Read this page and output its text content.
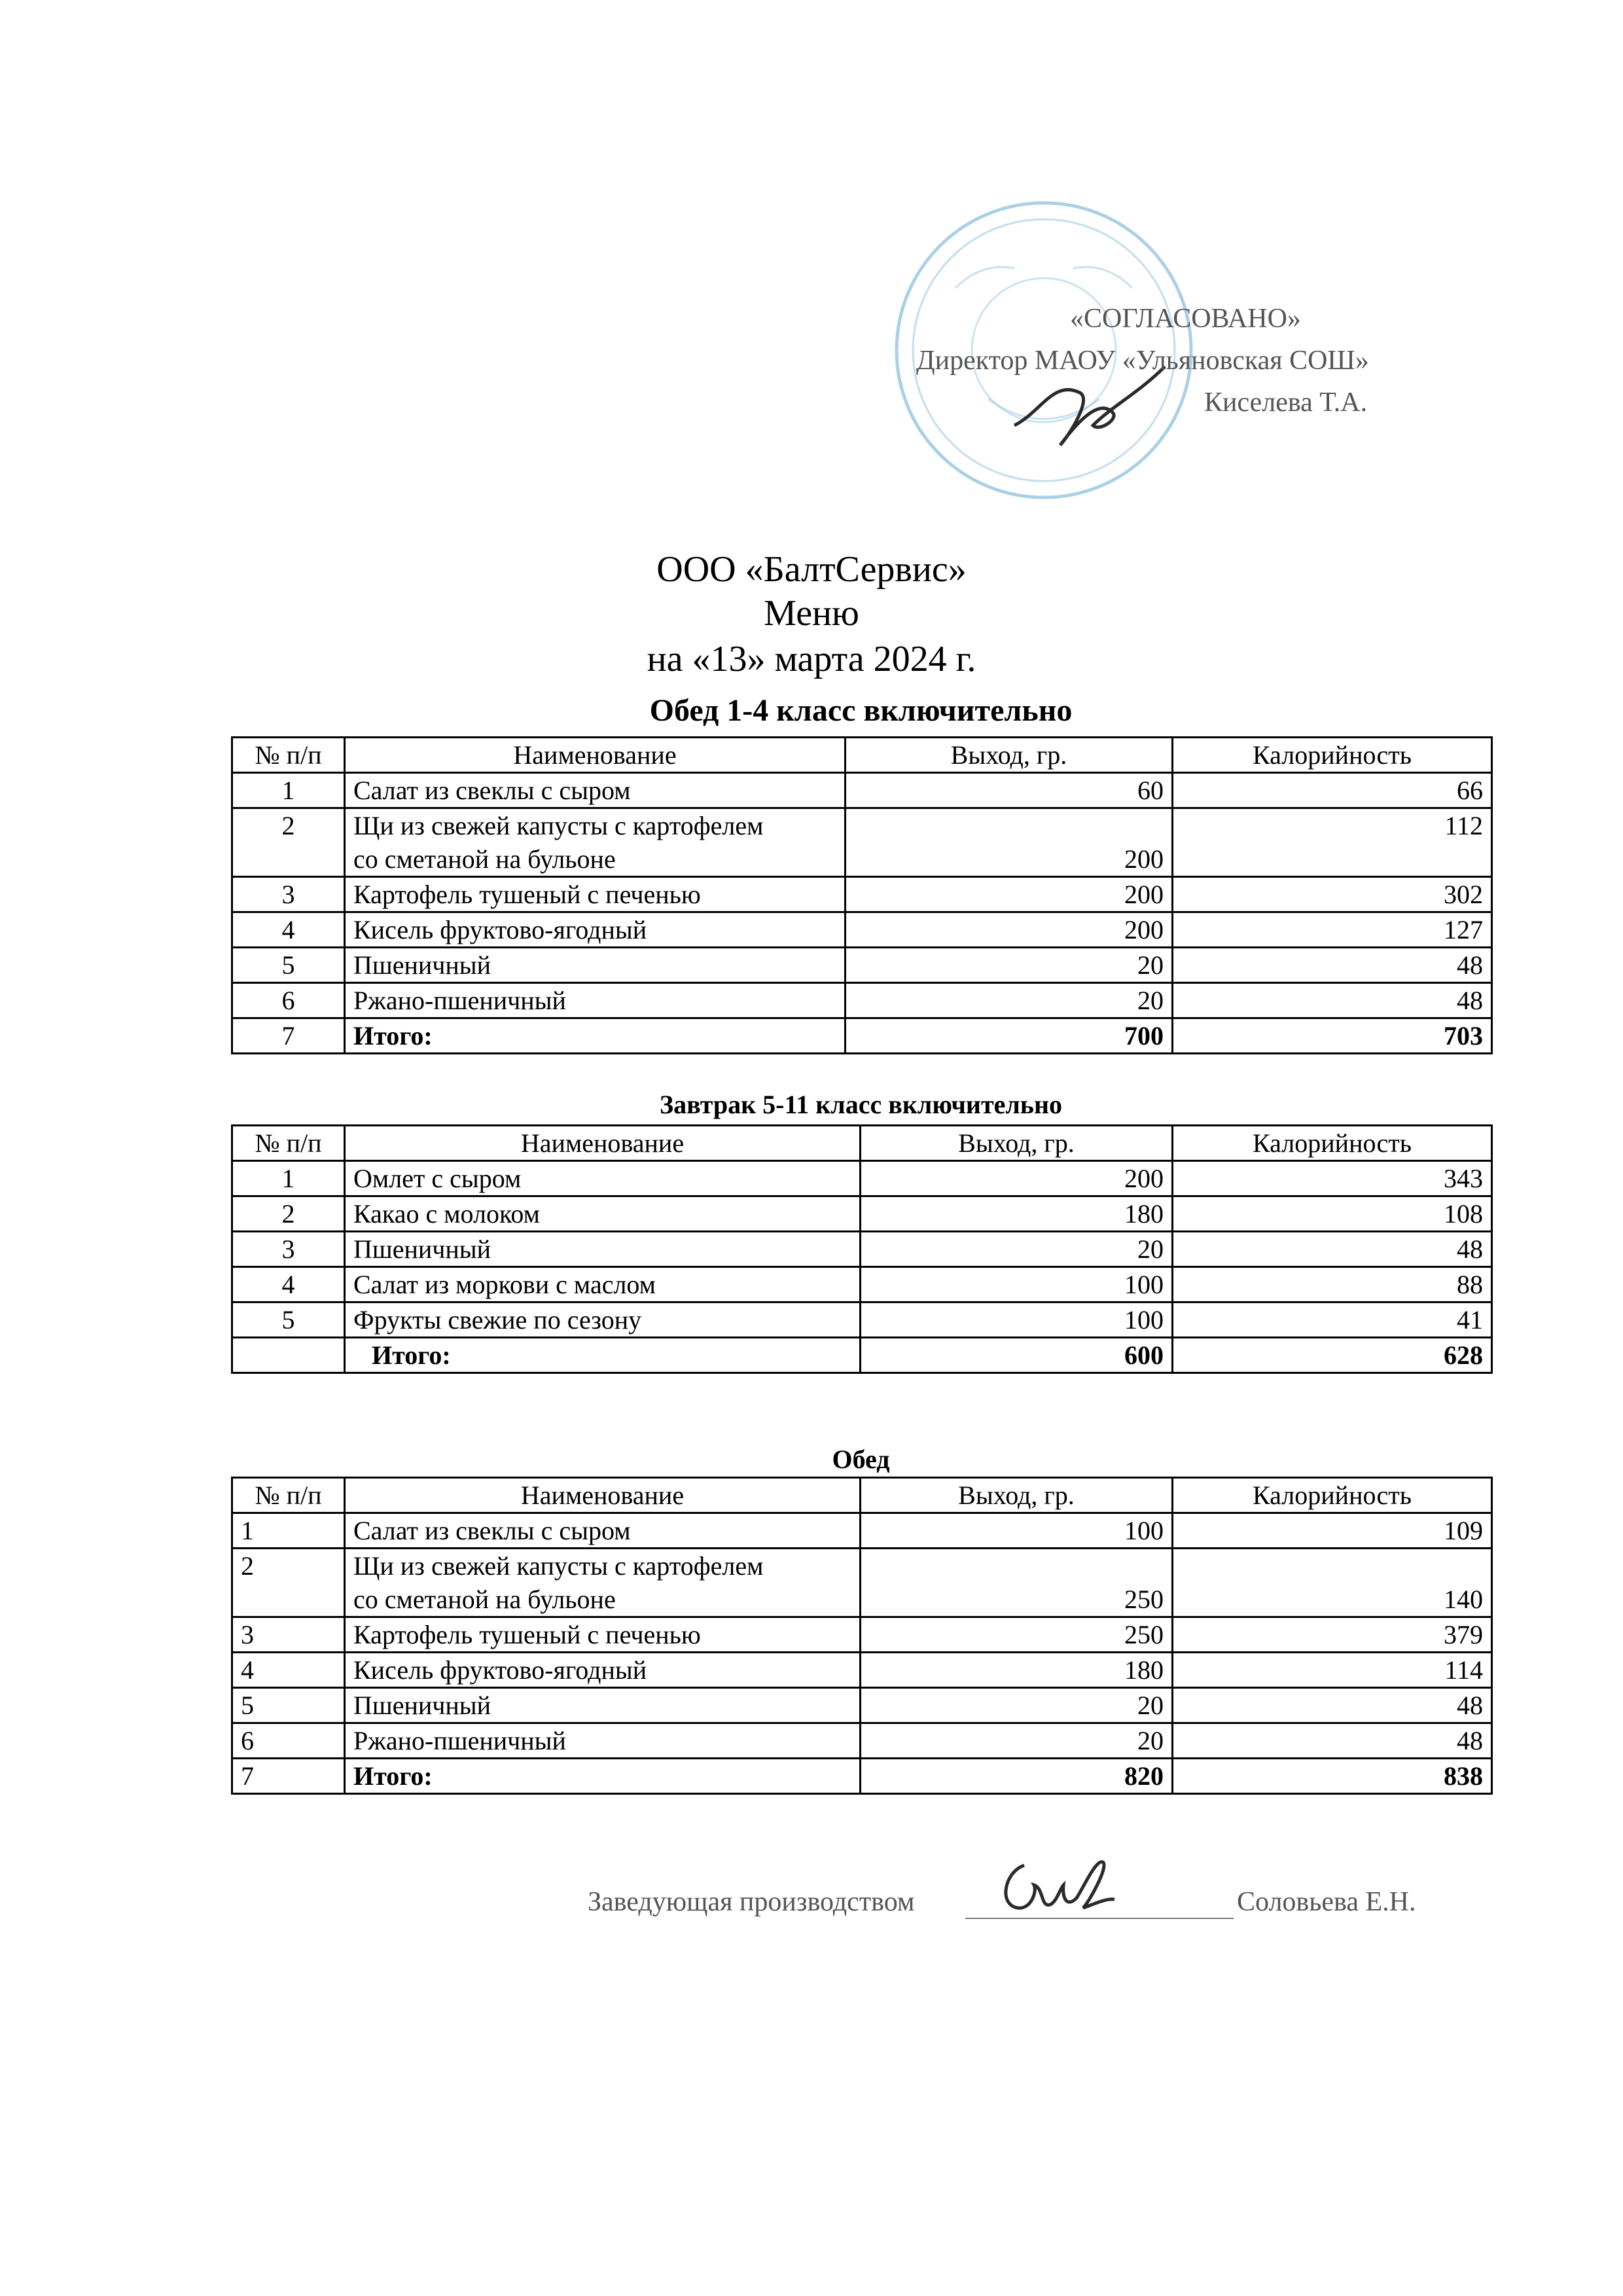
«СОГЛАСОВАНО»
Директор МАОУ «Ульяновская СОШ»
Киселева Т.А.
ООО «БалтСервис»
Меню
на «13» марта 2024 г.
Обед 1-4 класс включительно
№ п/п	Наименование	Выход, гр.	Калорийность
1	Салат из свеклы с сыром	60	66
2	Щи из свежей капусты с картофелем
со сметаной на бульоне	200	112
3	Картофель тушеный с печенью	200	302
4	Кисель фруктово-ягодный	200	127
5	Пшеничный	20	48
6	Ржано-пшеничный	20	48
7	Итого:	700	703
Завтрак 5-11 класс включительно
№ п/п	Наименование	Выход, гр.	Калорийность
1	Омлет с сыром	200	343
2	Какао с молоком	180	108
3	Пшеничный	20	48
4	Салат из моркови с маслом	100	88
5	Фрукты свежие по сезону	100	41
	Итого:	600	628
Обед
№ п/п	Наименование	Выход, гр.	Калорийность
1	Салат из свеклы с сыром	100	109
2	Щи из свежей капусты с картофелем
со сметаной на бульоне	250	140
3	Картофель тушеный с печенью	250	379
4	Кисель фруктово-ягодный	180	114
5	Пшеничный	20	48
6	Ржано-пшеничный	20	48
7	Итого:	820	838
Заведующая производством	Соловьева Е.Н.
